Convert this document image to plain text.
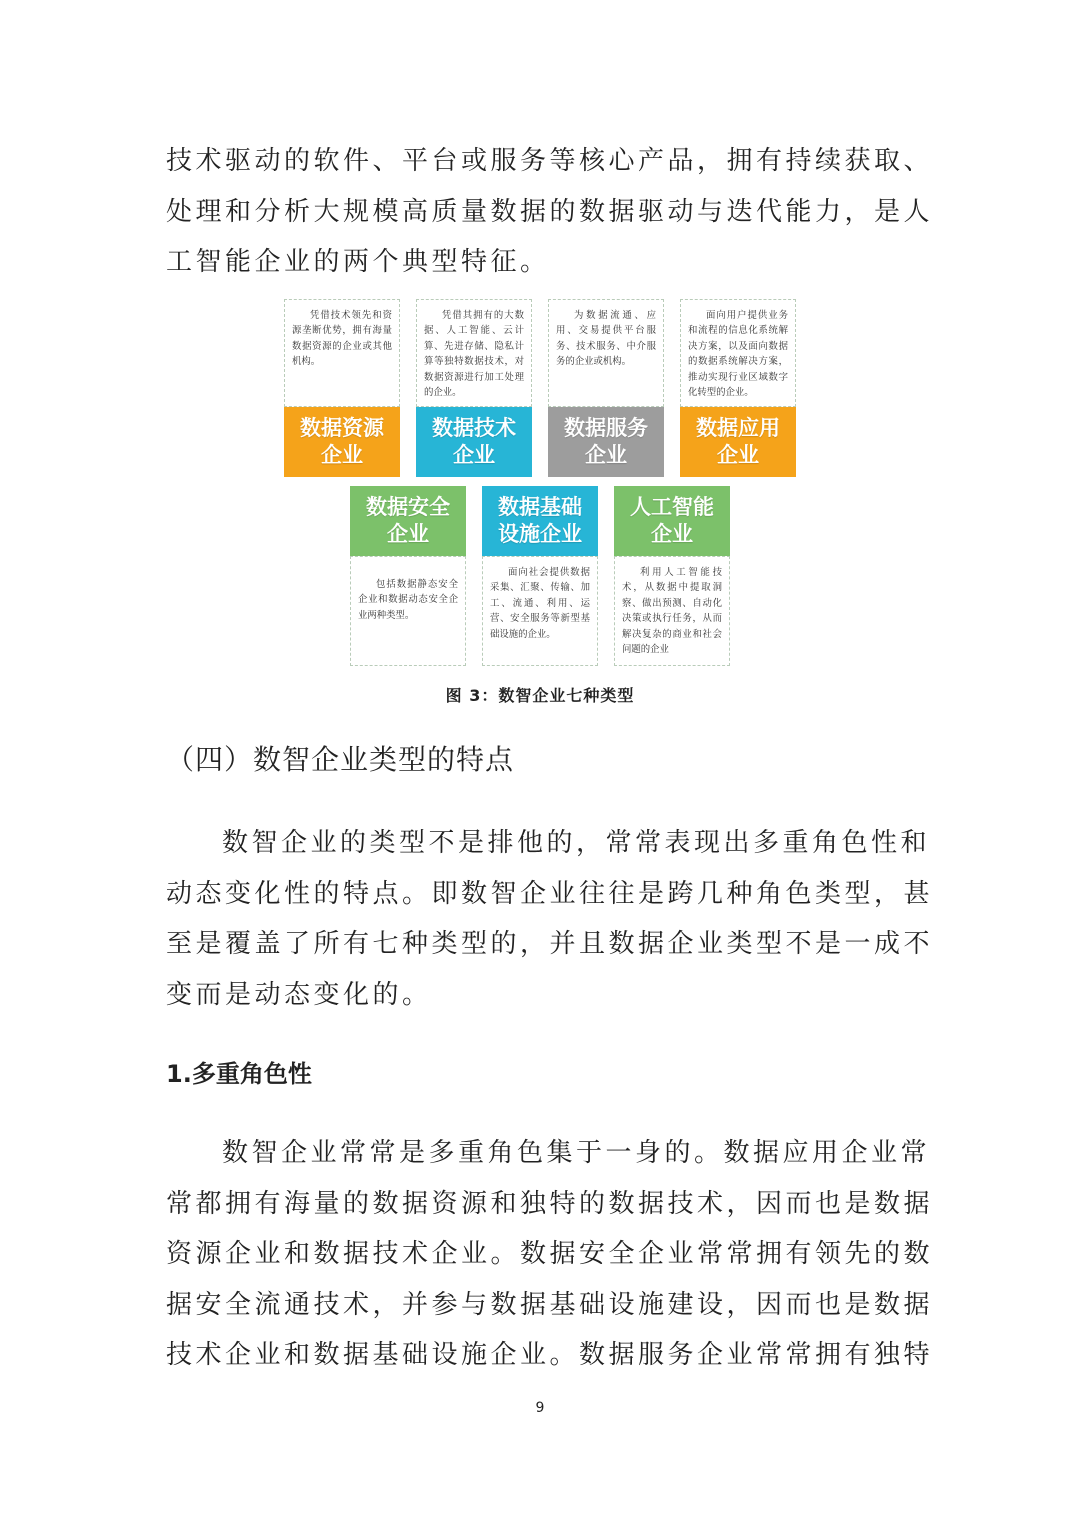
技术驱动的软件、平台或服务等核心产品，拥有持续获取、
处理和分析大规模高质量数据的数据驱动与迭代能力，是人
工智能企业的两个典型特征。
凭借技术领先和资源垄断优势，拥有海量数据资源的企业或其他机构。
数据资源
企业
凭借其拥有的大数据、人工智能、云计算、先进存储、隐私计算等独特数据技术，对数据资源进行加工处理的企业。
数据技术
企业
为数据流通、应用、交易提供平台服务、技术服务、中介服务的企业或机构。
数据服务
企业
面向用户提供业务和流程的信息化系统解决方案，以及面向数据的数据系统解决方案，推动实现行业区域数字化转型的企业。
数据应用
企业
数据安全
企业
包括数据静态安全企业和数据动态安全企业两种类型。
数据基础
设施企业
面向社会提供数据采集、汇聚、传输、加工、流通、利用、运营、安全服务等新型基础设施的企业。
人工智能
企业
利用人工智能技术，从数据中提取洞察、做出预测、自动化决策或执行任务，从而解决复杂的商业和社会问题的企业
图 3：数智企业七种类型
（四）数智企业类型的特点
数智企业的类型不是排他的，常常表现出多重角色性和
动态变化性的特点。即数智企业往往是跨几种角色类型，甚
至是覆盖了所有七种类型的，并且数据企业类型不是一成不
变而是动态变化的。
1.多重角色性
数智企业常常是多重角色集于一身的。数据应用企业常
常都拥有海量的数据资源和独特的数据技术，因而也是数据
资源企业和数据技术企业。数据安全企业常常拥有领先的数
据安全流通技术，并参与数据基础设施建设，因而也是数据
技术企业和数据基础设施企业。数据服务企业常常拥有独特
9
